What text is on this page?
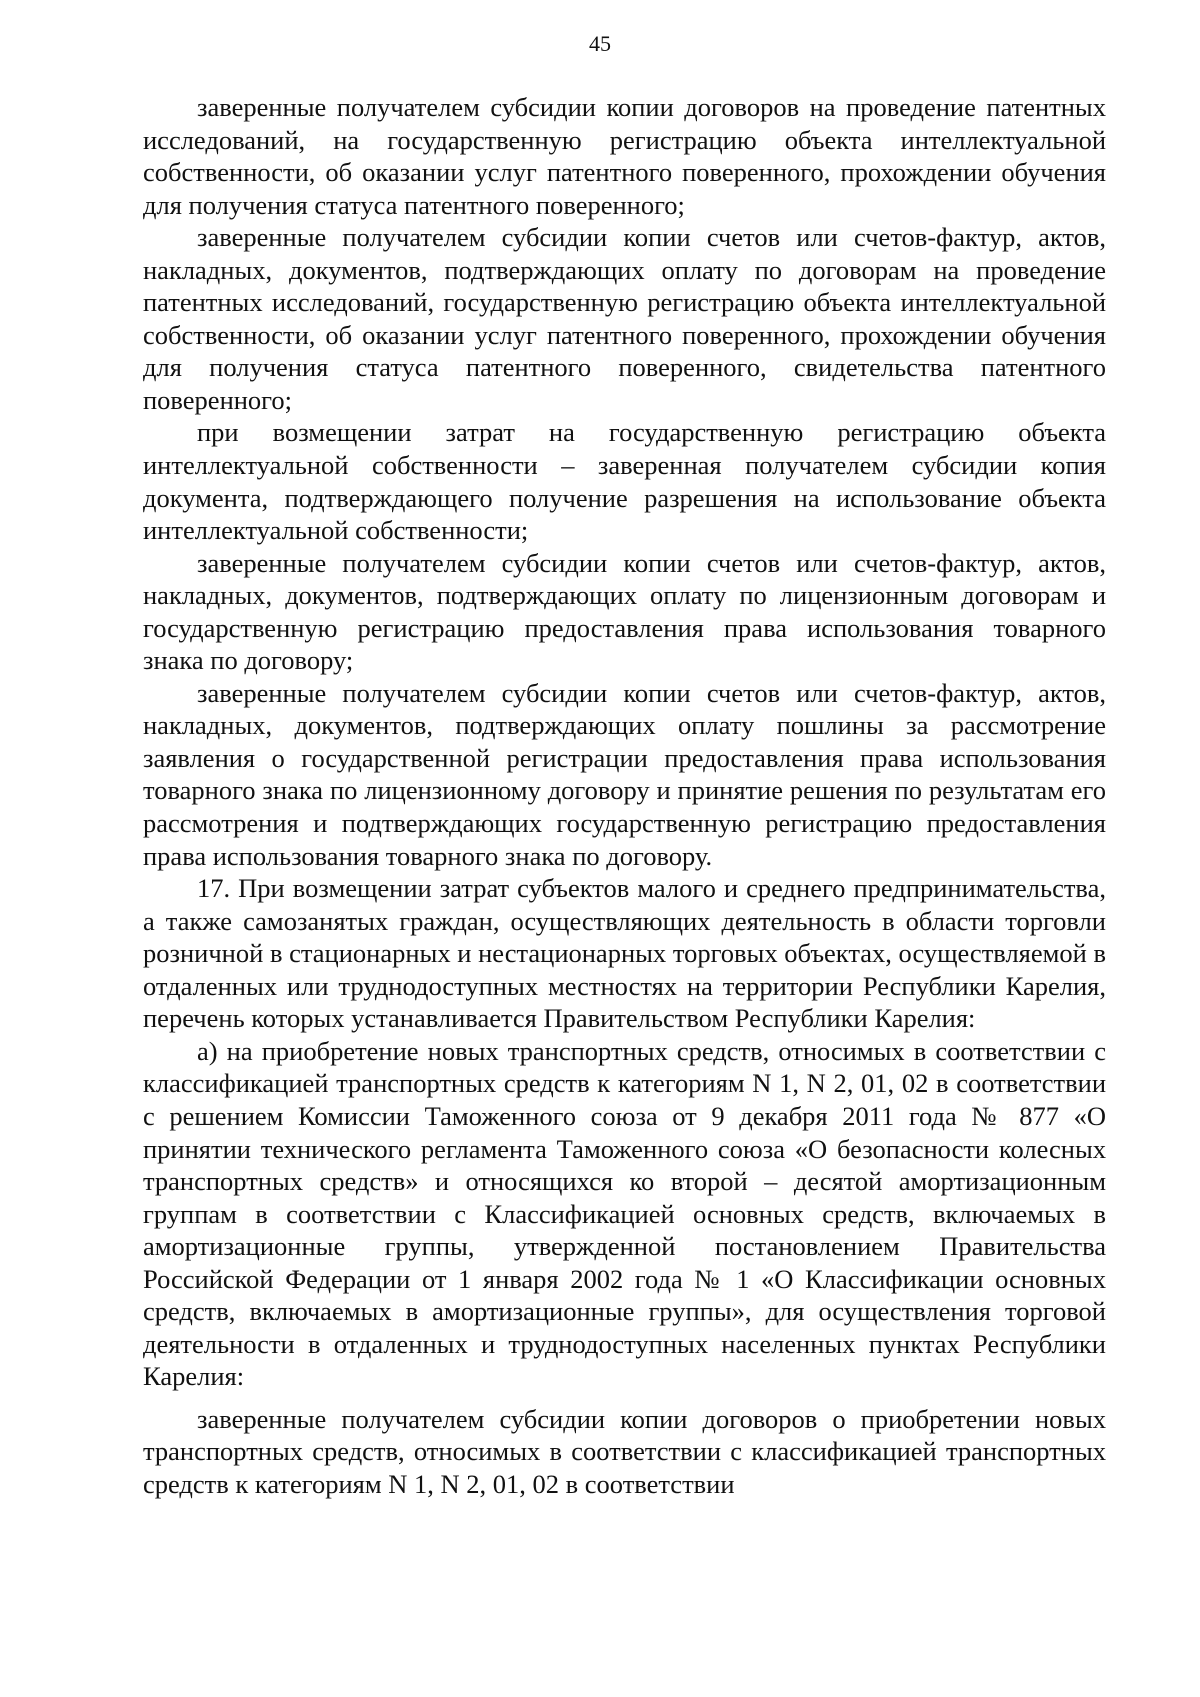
45

заверенные получателем субсидии копии договоров на проведение патентных исследований, на государственную регистрацию объекта интеллектуальной собственности, об оказании услуг патентного поверенного, прохождении обучения для получения статуса патентного поверенного;

заверенные получателем субсидии копии счетов или счетов-фактур, актов, накладных, документов, подтверждающих оплату по договорам на проведение патентных исследований, государственную регистрацию объекта интеллектуальной собственности, об оказании услуг патентного поверенного, прохождении обучения для получения статуса патентного поверенного, свидетельства патентного поверенного;

при возмещении затрат на государственную регистрацию объекта интеллектуальной собственности – заверенная получателем субсидии копия документа, подтверждающего получение разрешения на использование объекта интеллектуальной собственности;

заверенные получателем субсидии копии счетов или счетов-фактур, актов, накладных, документов, подтверждающих оплату по лицензионным договорам и государственную регистрацию предоставления права использования товарного знака по договору;

заверенные получателем субсидии копии счетов или счетов-фактур, актов, накладных, документов, подтверждающих оплату пошлины за рассмотрение заявления о государственной регистрации предоставления права использования товарного знака по лицензионному договору и принятие решения по результатам его рассмотрения и подтверждающих государственную регистрацию предоставления права использования товарного знака по договору.

17. При возмещении затрат субъектов малого и среднего предпринимательства, а также самозанятых граждан, осуществляющих деятельность в области торговли розничной в стационарных и нестационарных торговых объектах, осуществляемой в отдаленных или труднодоступных местностях на территории Республики Карелия, перечень которых устанавливается Правительством Республики Карелия:

а) на приобретение новых транспортных средств, относимых в соответствии с классификацией транспортных средств к категориям N 1, N 2, 01, 02 в соответствии с решением Комиссии Таможенного союза от 9 декабря 2011 года № 877 «О принятии технического регламента Таможенного союза «О безопасности колесных транспортных средств» и относящихся ко второй – десятой амортизационным группам в соответствии с Классификацией основных средств, включаемых в амортизационные группы, утвержденной постановлением Правительства Российской Федерации от 1 января 2002 года № 1 «О Классификации основных средств, включаемых в амортизационные группы», для осуществления торговой деятельности в отдаленных и труднодоступных населенных пунктах Республики Карелия:

заверенные получателем субсидии копии договоров о приобретении новых транспортных средств, относимых в соответствии с классификацией транспортных средств к категориям N 1, N 2, 01, 02 в соответствии
